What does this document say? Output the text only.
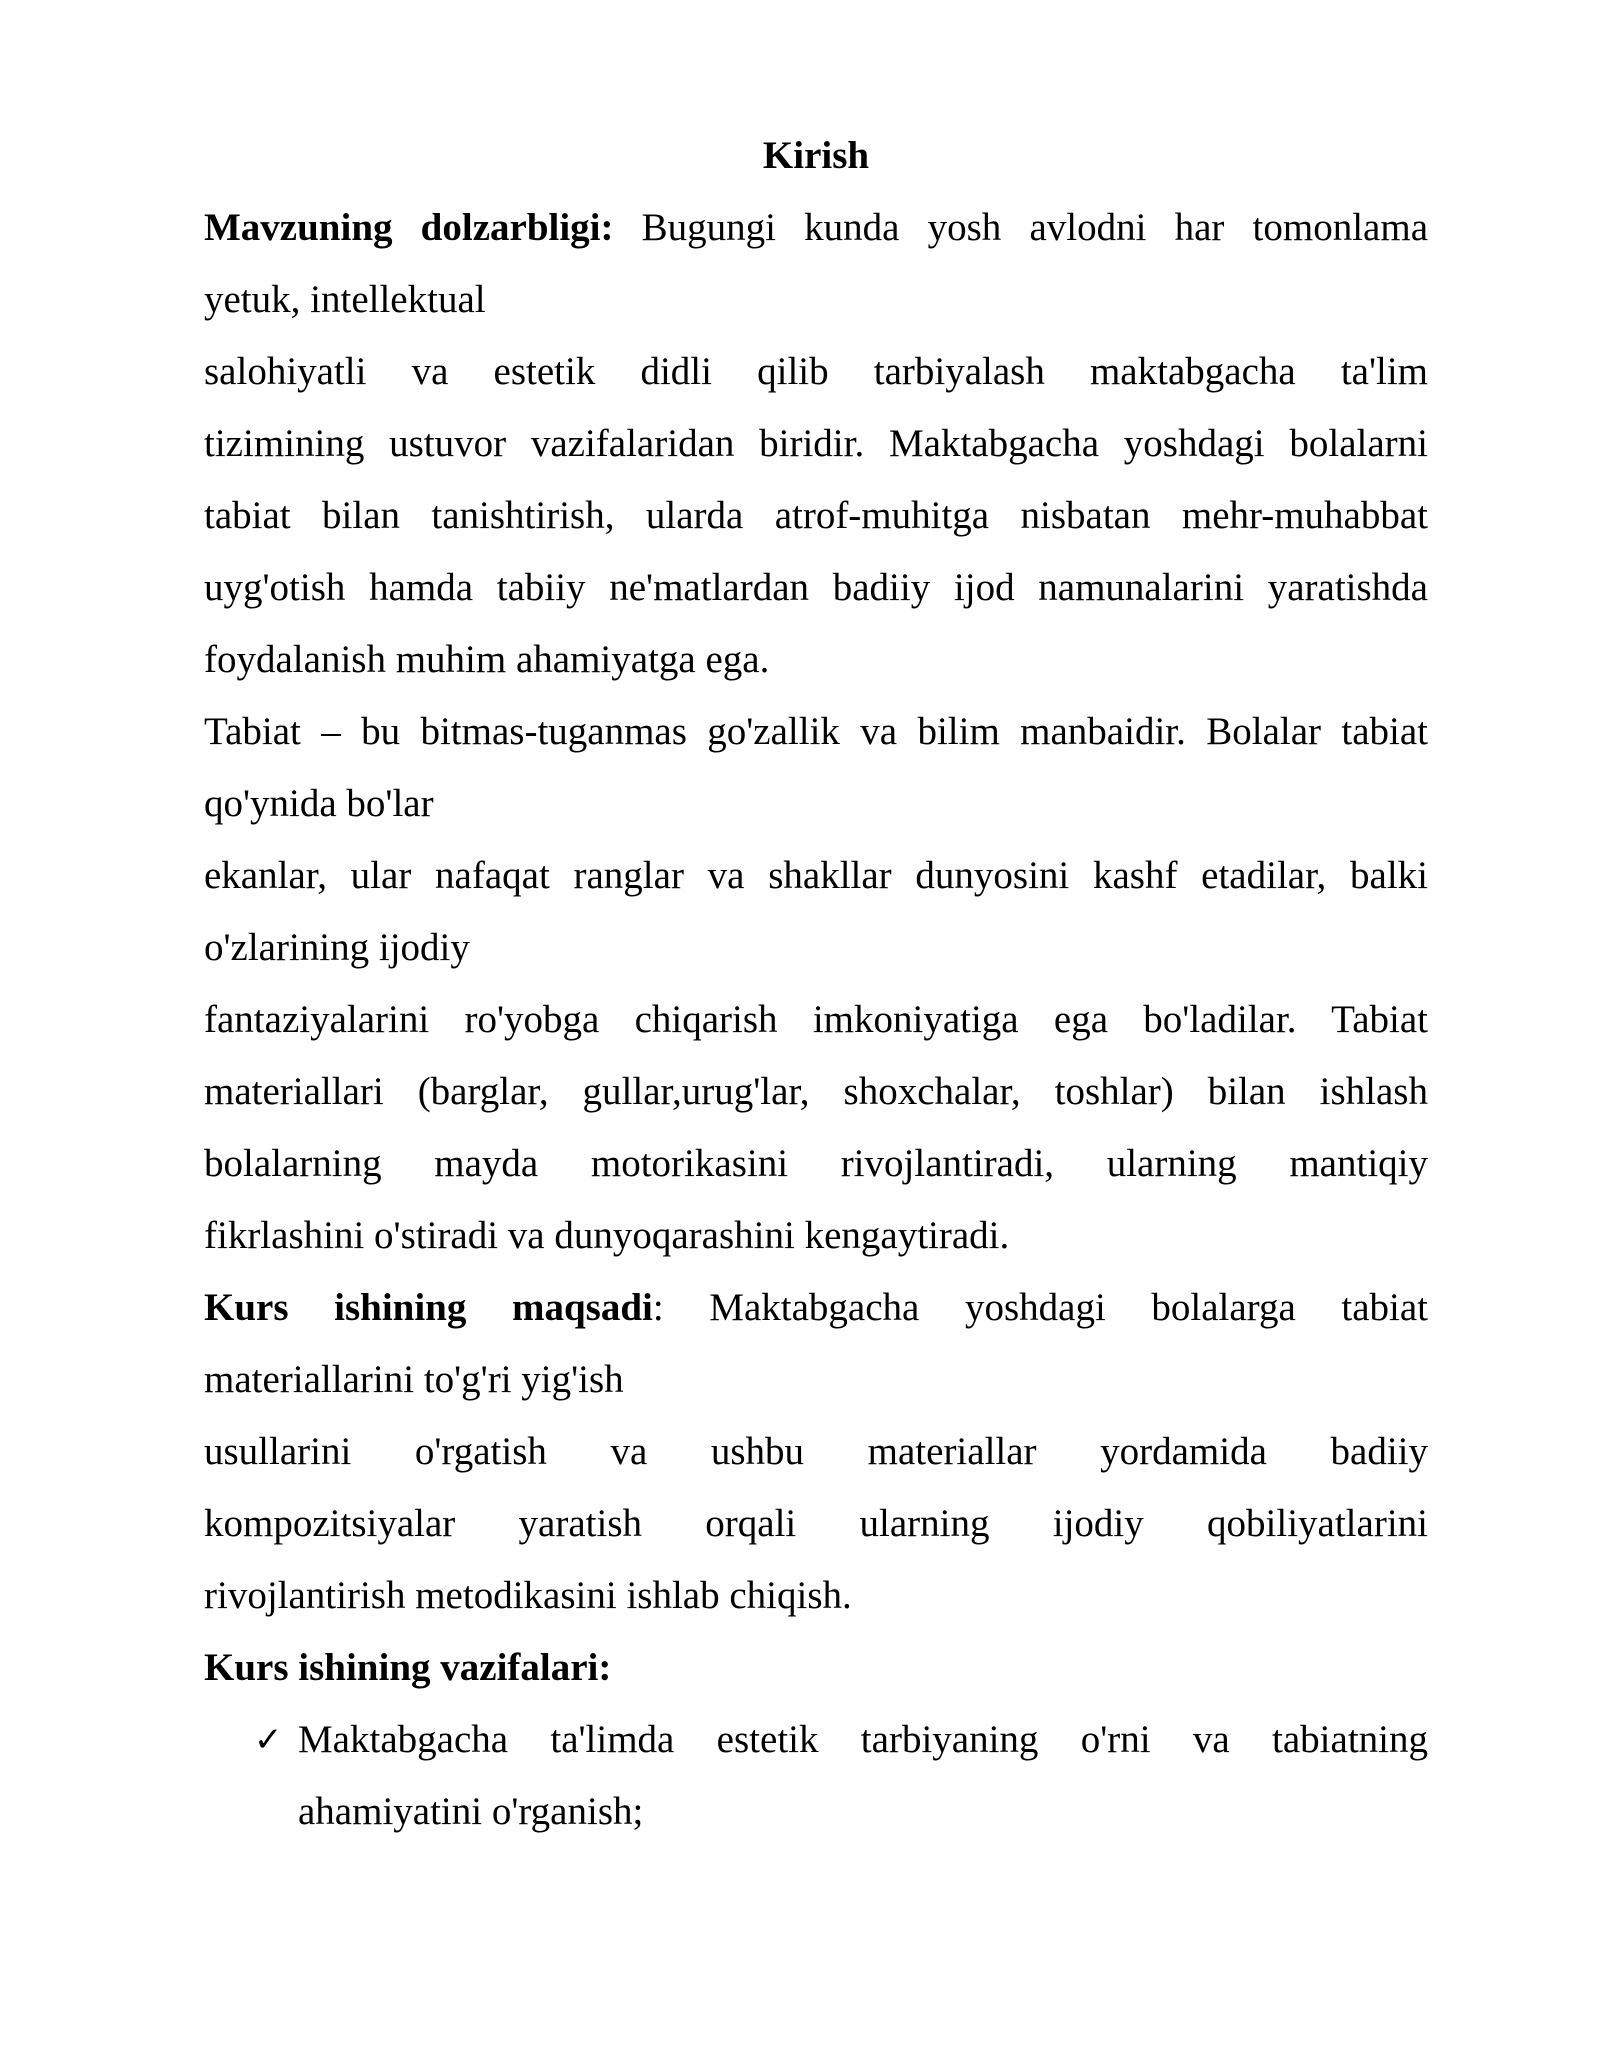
Kirish
Mavzuning dolzarbligi: Bugungi kunda yosh avlodni har tomonlama
yetuk, intellektual
salohiyatli va estetik didli qilib tarbiyalash maktabgacha ta'lim
tizimining ustuvor vazifalaridan biridir. Maktabgacha yoshdagi bolalarni
tabiat bilan tanishtirish, ularda atrof-muhitga nisbatan mehr-muhabbat
uyg'otish hamda tabiiy ne'matlardan badiiy ijod namunalarini yaratishda
foydalanish muhim ahamiyatga ega.
Tabiat – bu bitmas-tuganmas go'zallik va bilim manbaidir. Bolalar tabiat
qo'ynida bo'lar
ekanlar, ular nafaqat ranglar va shakllar dunyosini kashf etadilar, balki
o'zlarining ijodiy
fantaziyalarini ro'yobga chiqarish imkoniyatiga ega bo'ladilar. Tabiat
materiallari (barglar, gullar,urug'lar, shoxchalar, toshlar) bilan ishlash
bolalarning mayda motorikasini rivojlantiradi, ularning mantiqiy
fikrlashini o'stiradi va dunyoqarashini kengaytiradi.
Kurs ishining maqsadi: Maktabgacha yoshdagi bolalarga tabiat
materiallarini to'g'ri yig'ish
usullarini o'rgatish va ushbu materiallar yordamida badiiy
kompozitsiyalar yaratish orqali ularning ijodiy qobiliyatlarini
rivojlantirish metodikasini ishlab chiqish.
Kurs ishining vazifalari:
✓ Maktabgacha ta'limda estetik tarbiyaning o'rni va tabiatning
ahamiyatini o'rganish;
